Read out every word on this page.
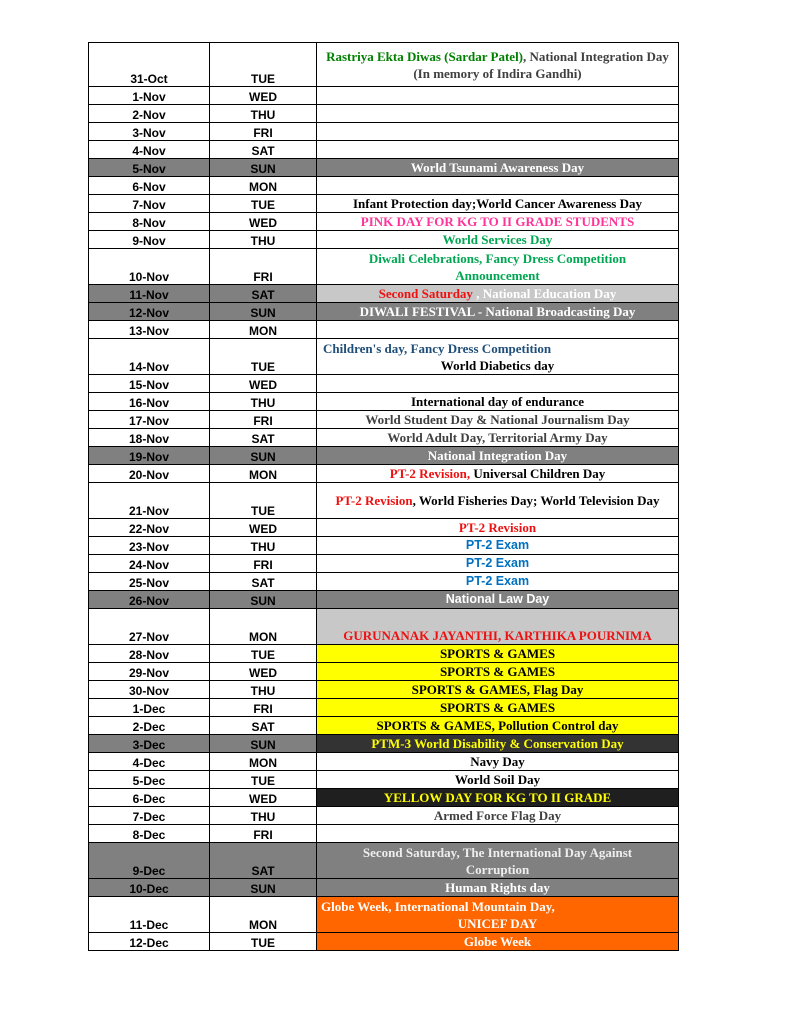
31-Oct	TUE	Rastriya Ekta Diwas (Sardar Patel), National Integration Day (In memory of Indira Gandhi)
1-Nov	WED	
2-Nov	THU	
3-Nov	FRI	
4-Nov	SAT	
5-Nov	SUN	World Tsunami Awareness Day
6-Nov	MON	
7-Nov	TUE	Infant Protection day;World Cancer Awareness Day
8-Nov	WED	PINK DAY FOR KG TO II GRADE STUDENTS
9-Nov	THU	World Services Day
10-Nov	FRI	Diwali Celebrations, Fancy Dress Competition Announcement
11-Nov	SAT	Second Saturday , National Education Day
12-Nov	SUN	DIWALI FESTIVAL - National Broadcasting Day
13-Nov	MON	
14-Nov	TUE	Children's day, Fancy Dress Competition
World Diabetics day

15-Nov	WED	
16-Nov	THU	International day of endurance
17-Nov	FRI	World Student Day & National Journalism Day
18-Nov	SAT	World Adult Day, Territorial Army Day
19-Nov	SUN	National Integration Day
20-Nov	MON	PT-2 Revision, Universal Children Day
21-Nov	TUE	PT-2 Revision, World Fisheries Day; World Television Day
22-Nov	WED	PT-2 Revision
23-Nov	THU	PT-2 Exam
24-Nov	FRI	PT-2 Exam
25-Nov	SAT	PT-2 Exam
26-Nov	SUN	National Law Day
27-Nov	MON	GURUNANAK JAYANTHI, KARTHIKA POURNIMA
28-Nov	TUE	SPORTS & GAMES
29-Nov	WED	SPORTS & GAMES
30-Nov	THU	SPORTS & GAMES, Flag Day
1-Dec	FRI	SPORTS & GAMES
2-Dec	SAT	SPORTS & GAMES, Pollution Control day
3-Dec	SUN	PTM-3 World Disability & Conservation Day
4-Dec	MON	Navy Day
5-Dec	TUE	World Soil Day
6-Dec	WED	YELLOW DAY FOR KG TO II GRADE
7-Dec	THU	Armed Force Flag Day
8-Dec	FRI	
9-Dec	SAT	Second Saturday, The International Day Against Corruption
10-Dec	SUN	Human Rights day
11-Dec	MON	Globe Week, International Mountain Day,
UNICEF DAY

12-Dec	TUE	Globe Week
